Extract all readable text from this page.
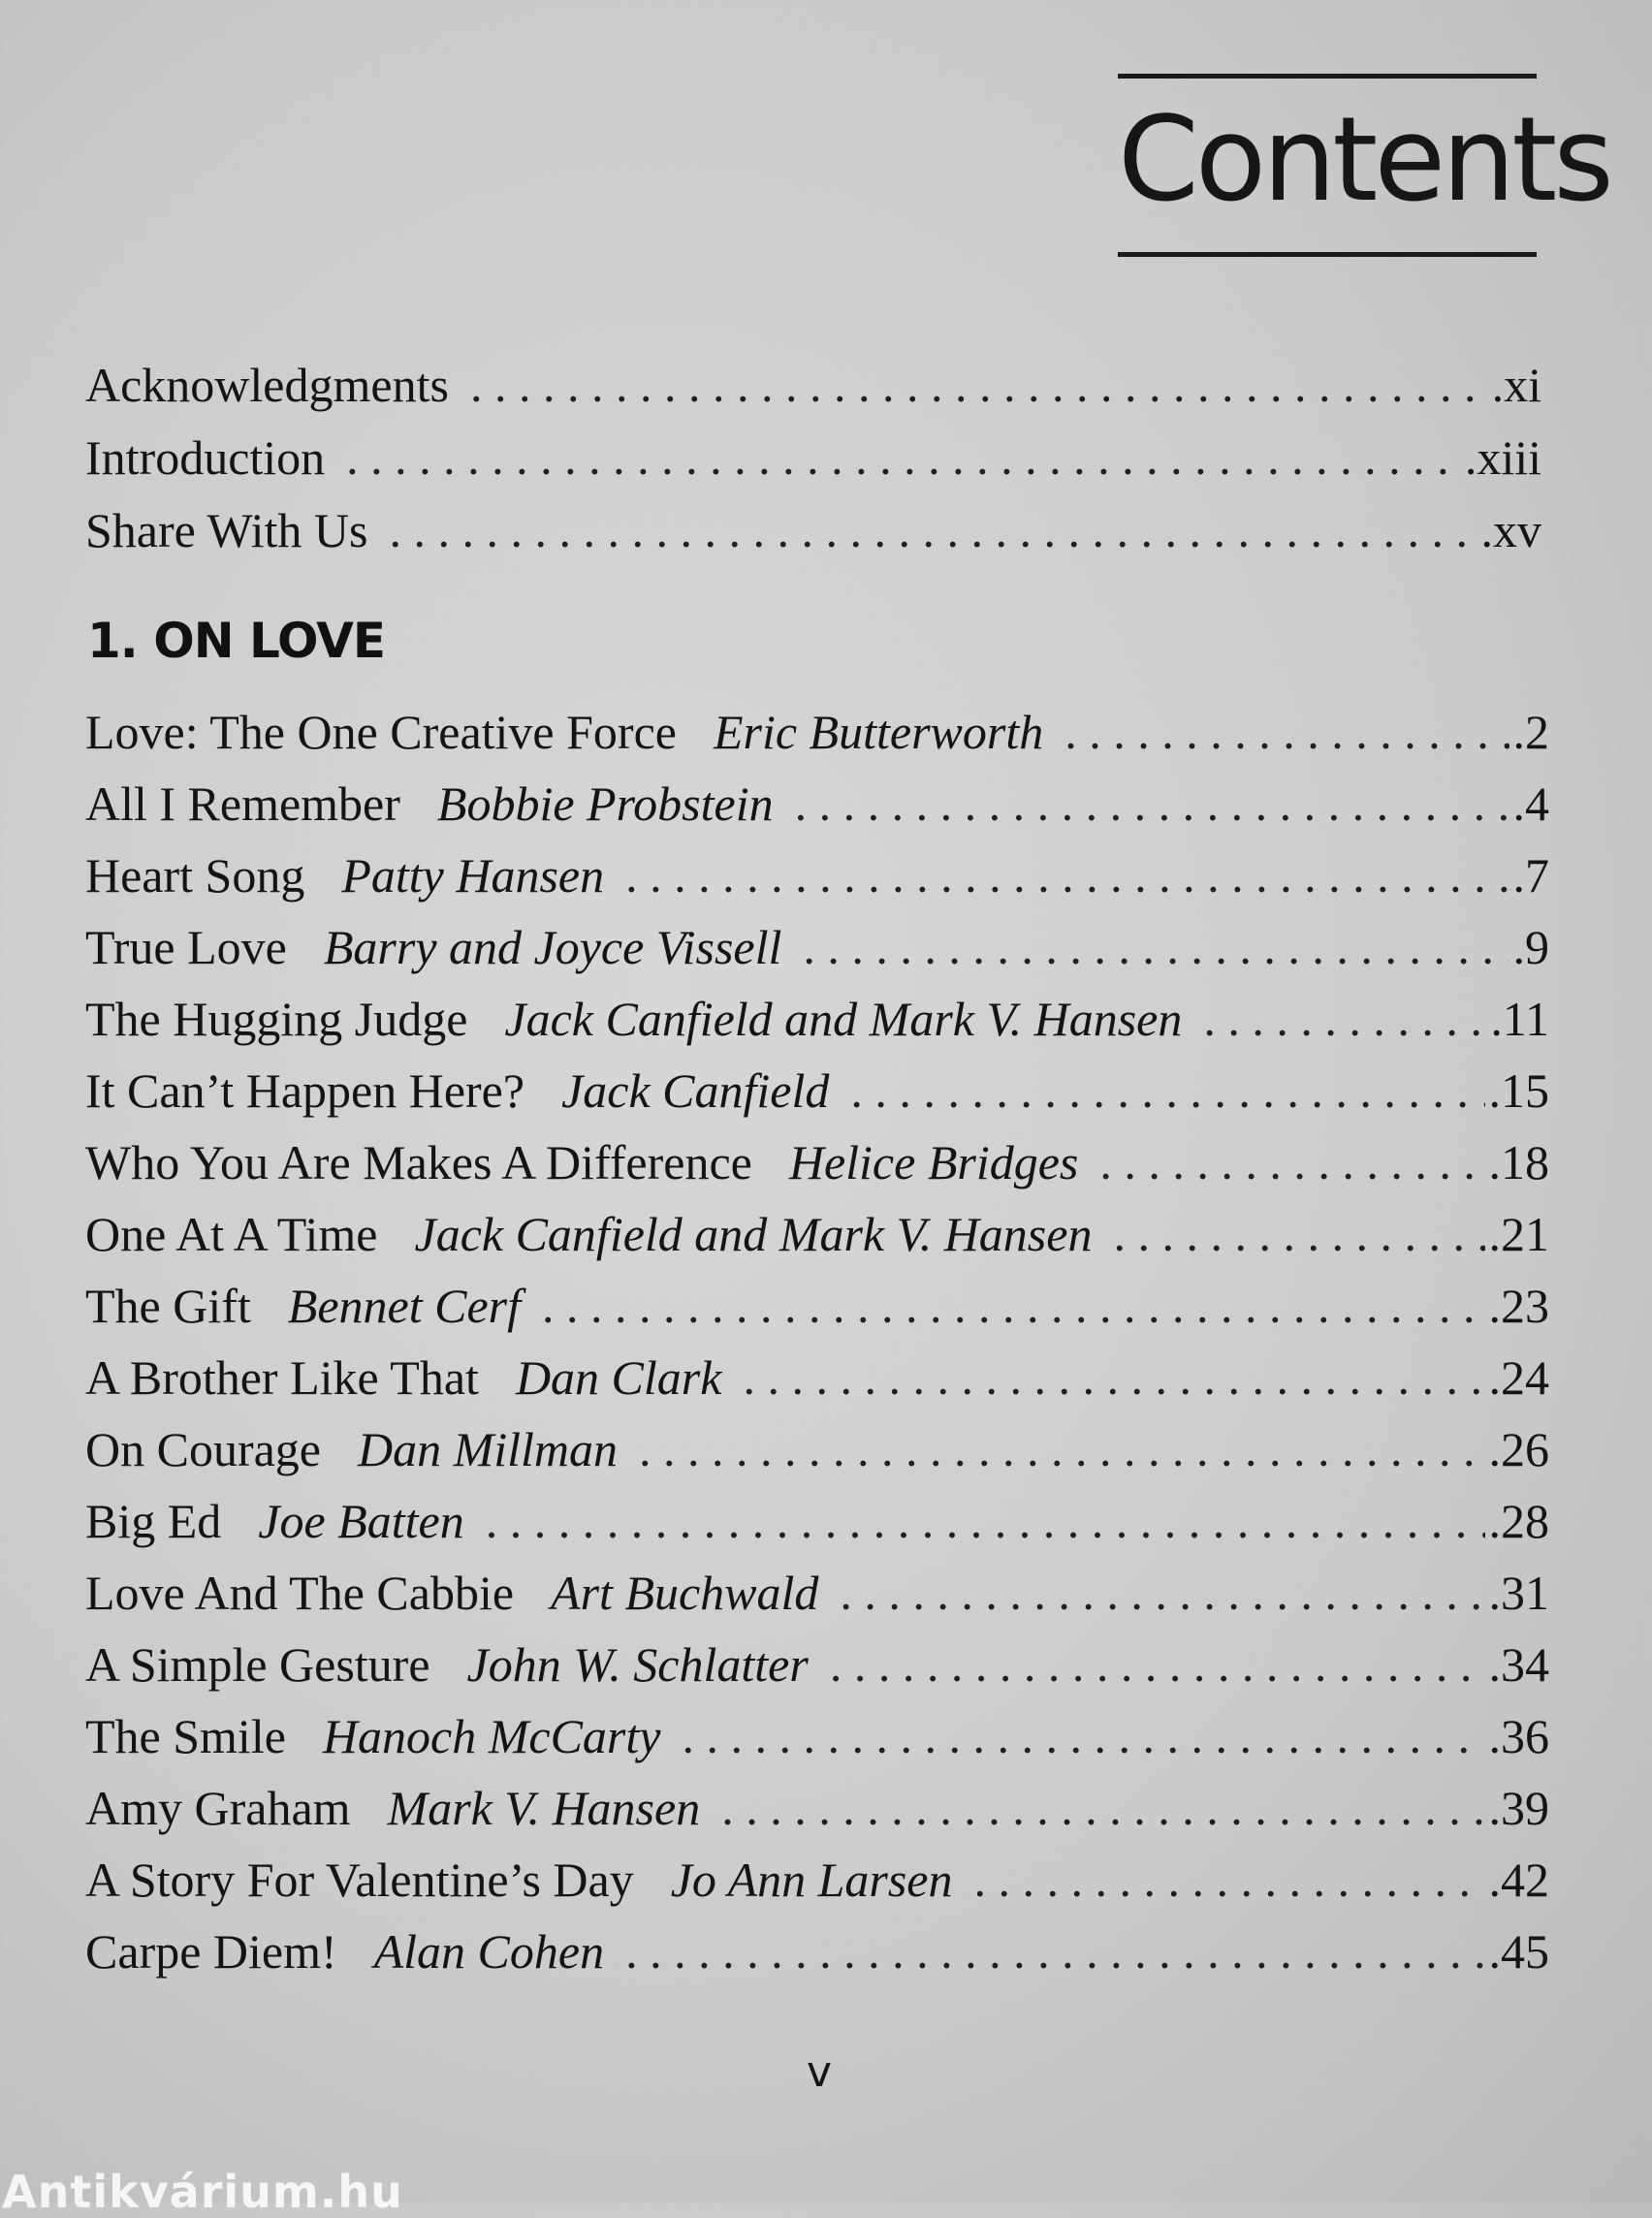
Contents
Acknowledgments . . .	.xi
Introduction . . .	.xiii
Share With Us . . .	.xv
1. ON LOVE
Love: The One Creative Force Eric Butterworth . . .	.2
All I Remember Bobbie Probstein . . .	.4
Heart Song Patty Hansen . . .	.7
True Love Barry and Joyce Vissell . . .	.9
The Hugging Judge Jack Canfield and Mark V. Hansen . . .	.11
It Can’t Happen Here? Jack Canfield . . .	.15
Who You Are Makes A Difference Helice Bridges . . .	.18
One At A Time Jack Canfield and Mark V. Hansen . . .	.21
The Gift Bennet Cerf . . .	.23
A Brother Like That Dan Clark . . .	.24
On Courage Dan Millman . . .	.26
Big Ed Joe Batten . . .	.28
Love And The Cabbie Art Buchwald . . .	.31
A Simple Gesture John W. Schlatter . . .	.34
The Smile Hanoch McCarty . . .	.36
Amy Graham Mark V. Hansen . . .	.39
A Story For Valentine’s Day Jo Ann Larsen . . .	.42
Carpe Diem! Alan Cohen . . .	.45
v
Antikvárium.hu
